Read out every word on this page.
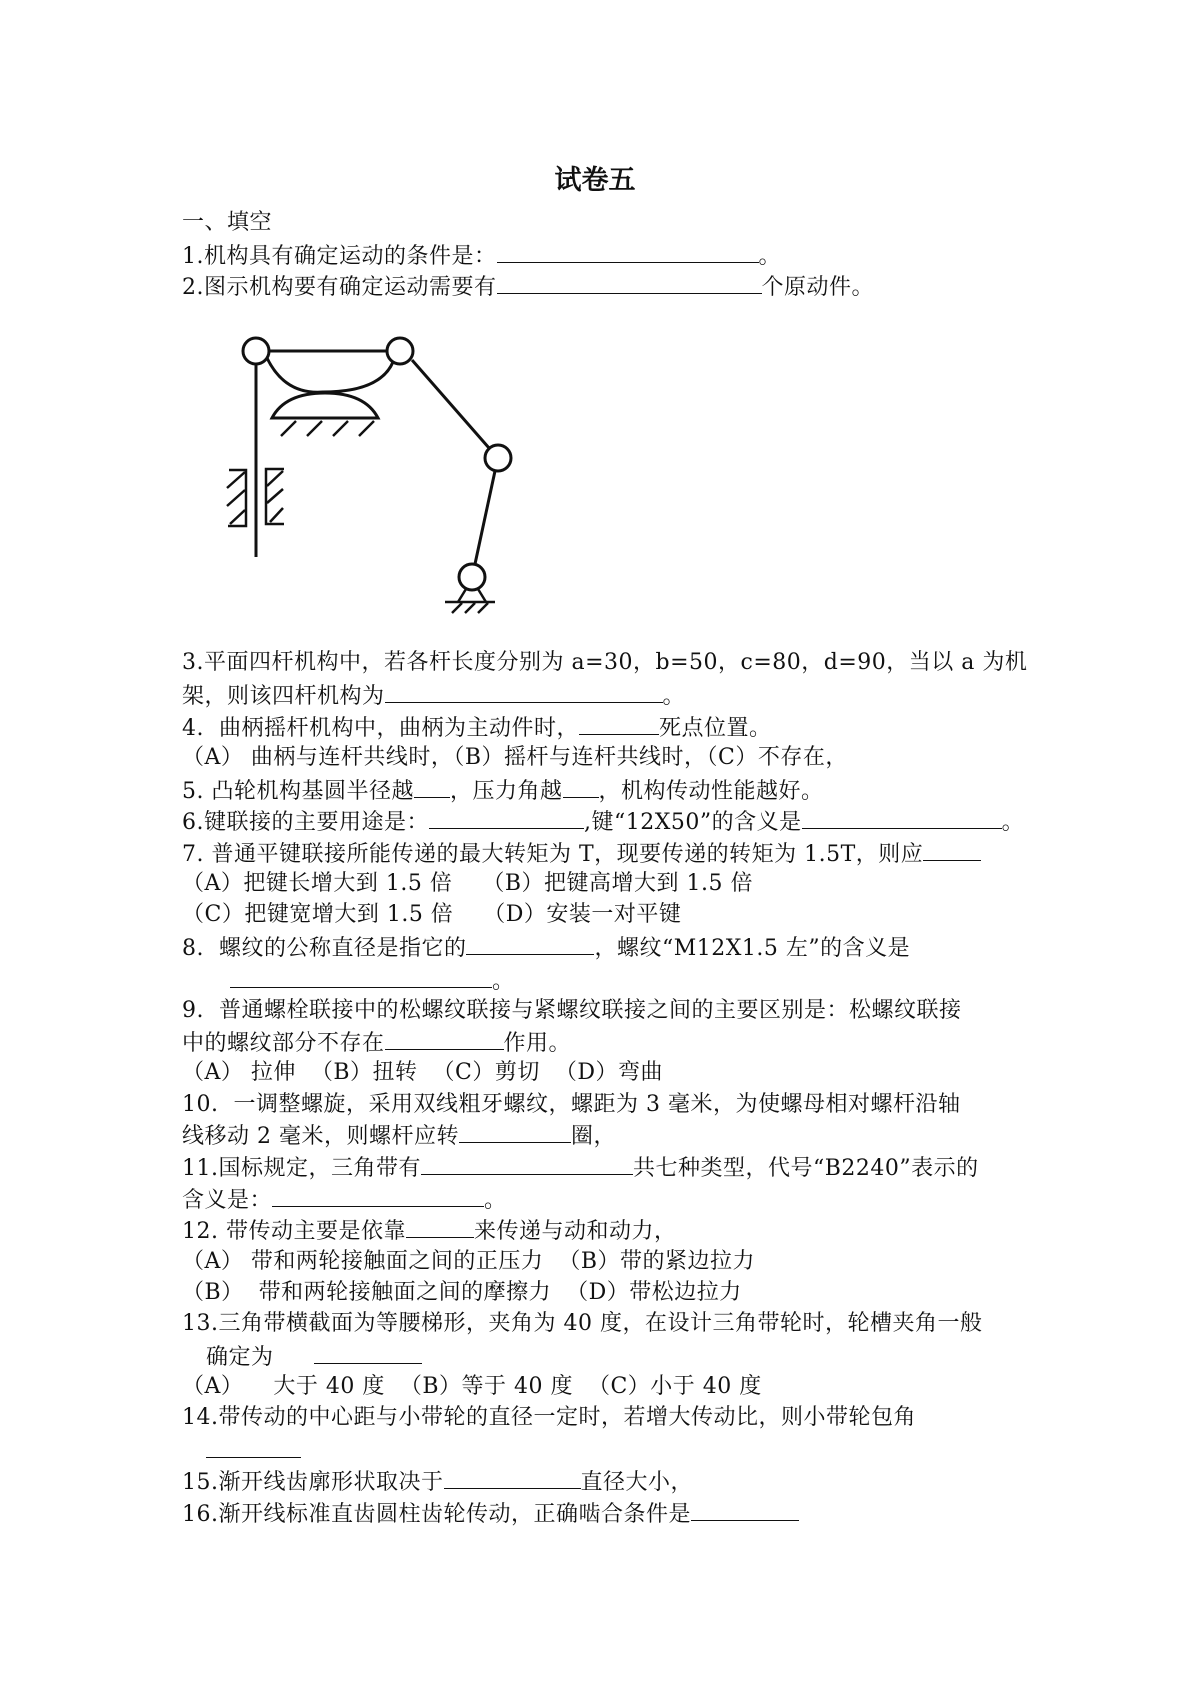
试卷五
一、填空
1.机构具有确定运动的条件是：	。
2.图示机构要有确定运动需要有	个原动件。
3.平面四杆机构中，若各杆长度分别为 a=30，b=50，c=80，d=90，当以 a 为机
架，则该四杆机构为	。
4.  曲柄摇杆机构中，曲柄为主动件时，	死点位置。
（A） 曲柄与连杆共线时，（B）摇杆与连杆共线时，（C）不存在，
5. 凸轮机构基圆半径越 ，压力角越 ，机构传动性能越好。
6.键联接的主要用途是：	,键“12X50”的含义是	。
7. 普通平键联接所能传递的最大转矩为 T，现要传递的转矩为 1.5T，则应
（A）把键长增大到 1.5 倍    （B）把键高增大到 1.5 倍
（C）把键宽增大到 1.5 倍    （D）安装一对平键
8.  螺纹的公称直径是指它的	，螺纹“M12X1.5 左”的含义是
。
9.  普通螺栓联接中的松螺纹联接与紧螺纹联接之间的主要区别是：松螺纹联接
中的螺纹部分不存在	作用。
（A） 拉伸  （B）扭转  （C）剪切  （D）弯曲
10.  一调整螺旋，采用双线粗牙螺纹，螺距为 3 毫米，为使螺母相对螺杆沿轴
线移动 2 毫米，则螺杆应转	圈，
11.国标规定，三角带有	共七种类型，代号“B2240”表示的
含义是：	。
12. 带传动主要是依靠	来传递与动和动力，
（A） 带和两轮接触面之间的正压力  （B）带的紧边拉力
（B）  带和两轮接触面之间的摩擦力  （D）带松边拉力
13.三角带横截面为等腰梯形，夹角为 40 度，在设计三角带轮时，轮槽夹角一般
确定为
（A）    大于 40 度  （B）等于 40 度  （C）小于 40 度
14.带传动的中心距与小带轮的直径一定时，若增大传动比，则小带轮包角
15.渐开线齿廓形状取决于	直径大小，
16.渐开线标准直齿圆柱齿轮传动，正确啮合条件是
